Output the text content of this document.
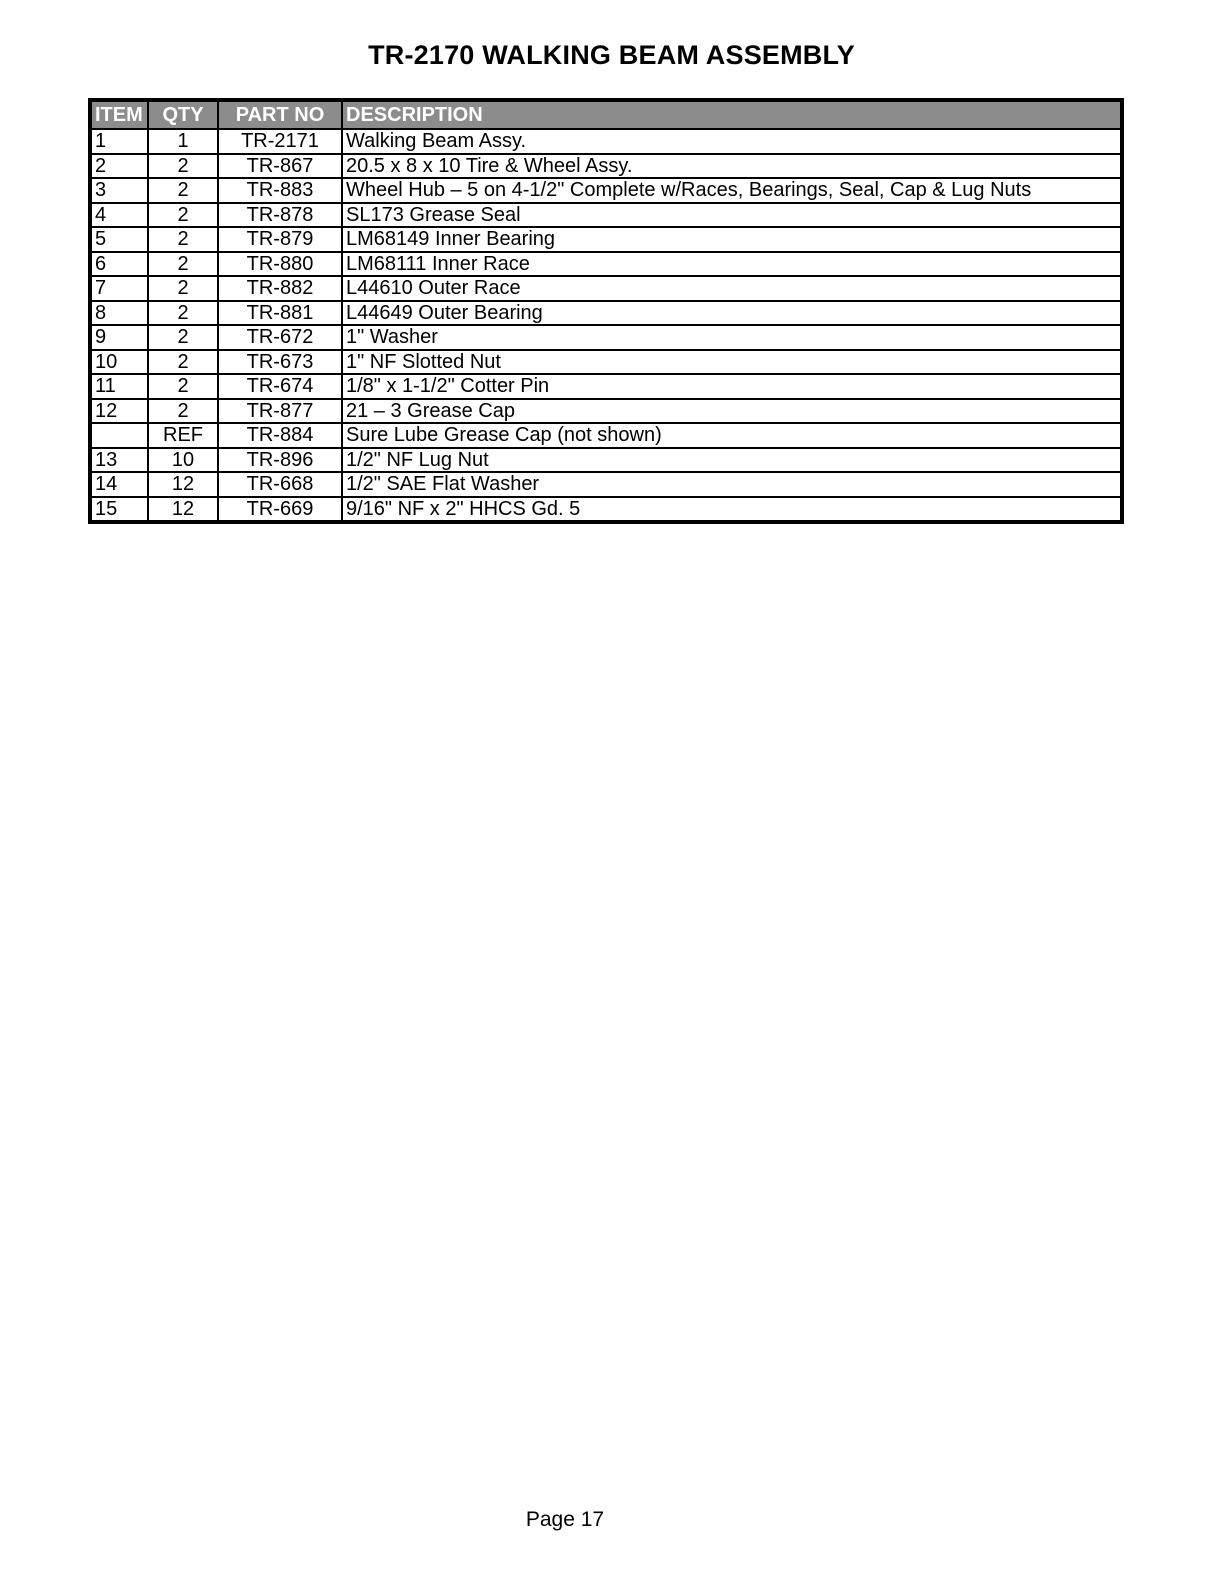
TR-2170 WALKING BEAM ASSEMBLY
ITEM	QTY	PART NO	DESCRIPTION
1	1	TR-2171	Walking Beam Assy.
2	2	TR-867	20.5 x 8 x 10 Tire & Wheel Assy.
3	2	TR-883	Wheel Hub – 5 on 4-1/2" Complete w/Races, Bearings, Seal, Cap & Lug Nuts
4	2	TR-878	SL173 Grease Seal
5	2	TR-879	LM68149 Inner Bearing
6	2	TR-880	LM68111 Inner Race
7	2	TR-882	L44610 Outer Race
8	2	TR-881	L44649 Outer Bearing
9	2	TR-672	1" Washer
10	2	TR-673	1" NF Slotted Nut
11	2	TR-674	1/8" x 1-1/2" Cotter Pin
12	2	TR-877	21 – 3 Grease Cap
	REF	TR-884	Sure Lube Grease Cap (not shown)
13	10	TR-896	1/2" NF Lug Nut
14	12	TR-668	1/2" SAE Flat Washer
15	12	TR-669	9/16" NF x 2" HHCS Gd. 5
Page 17
